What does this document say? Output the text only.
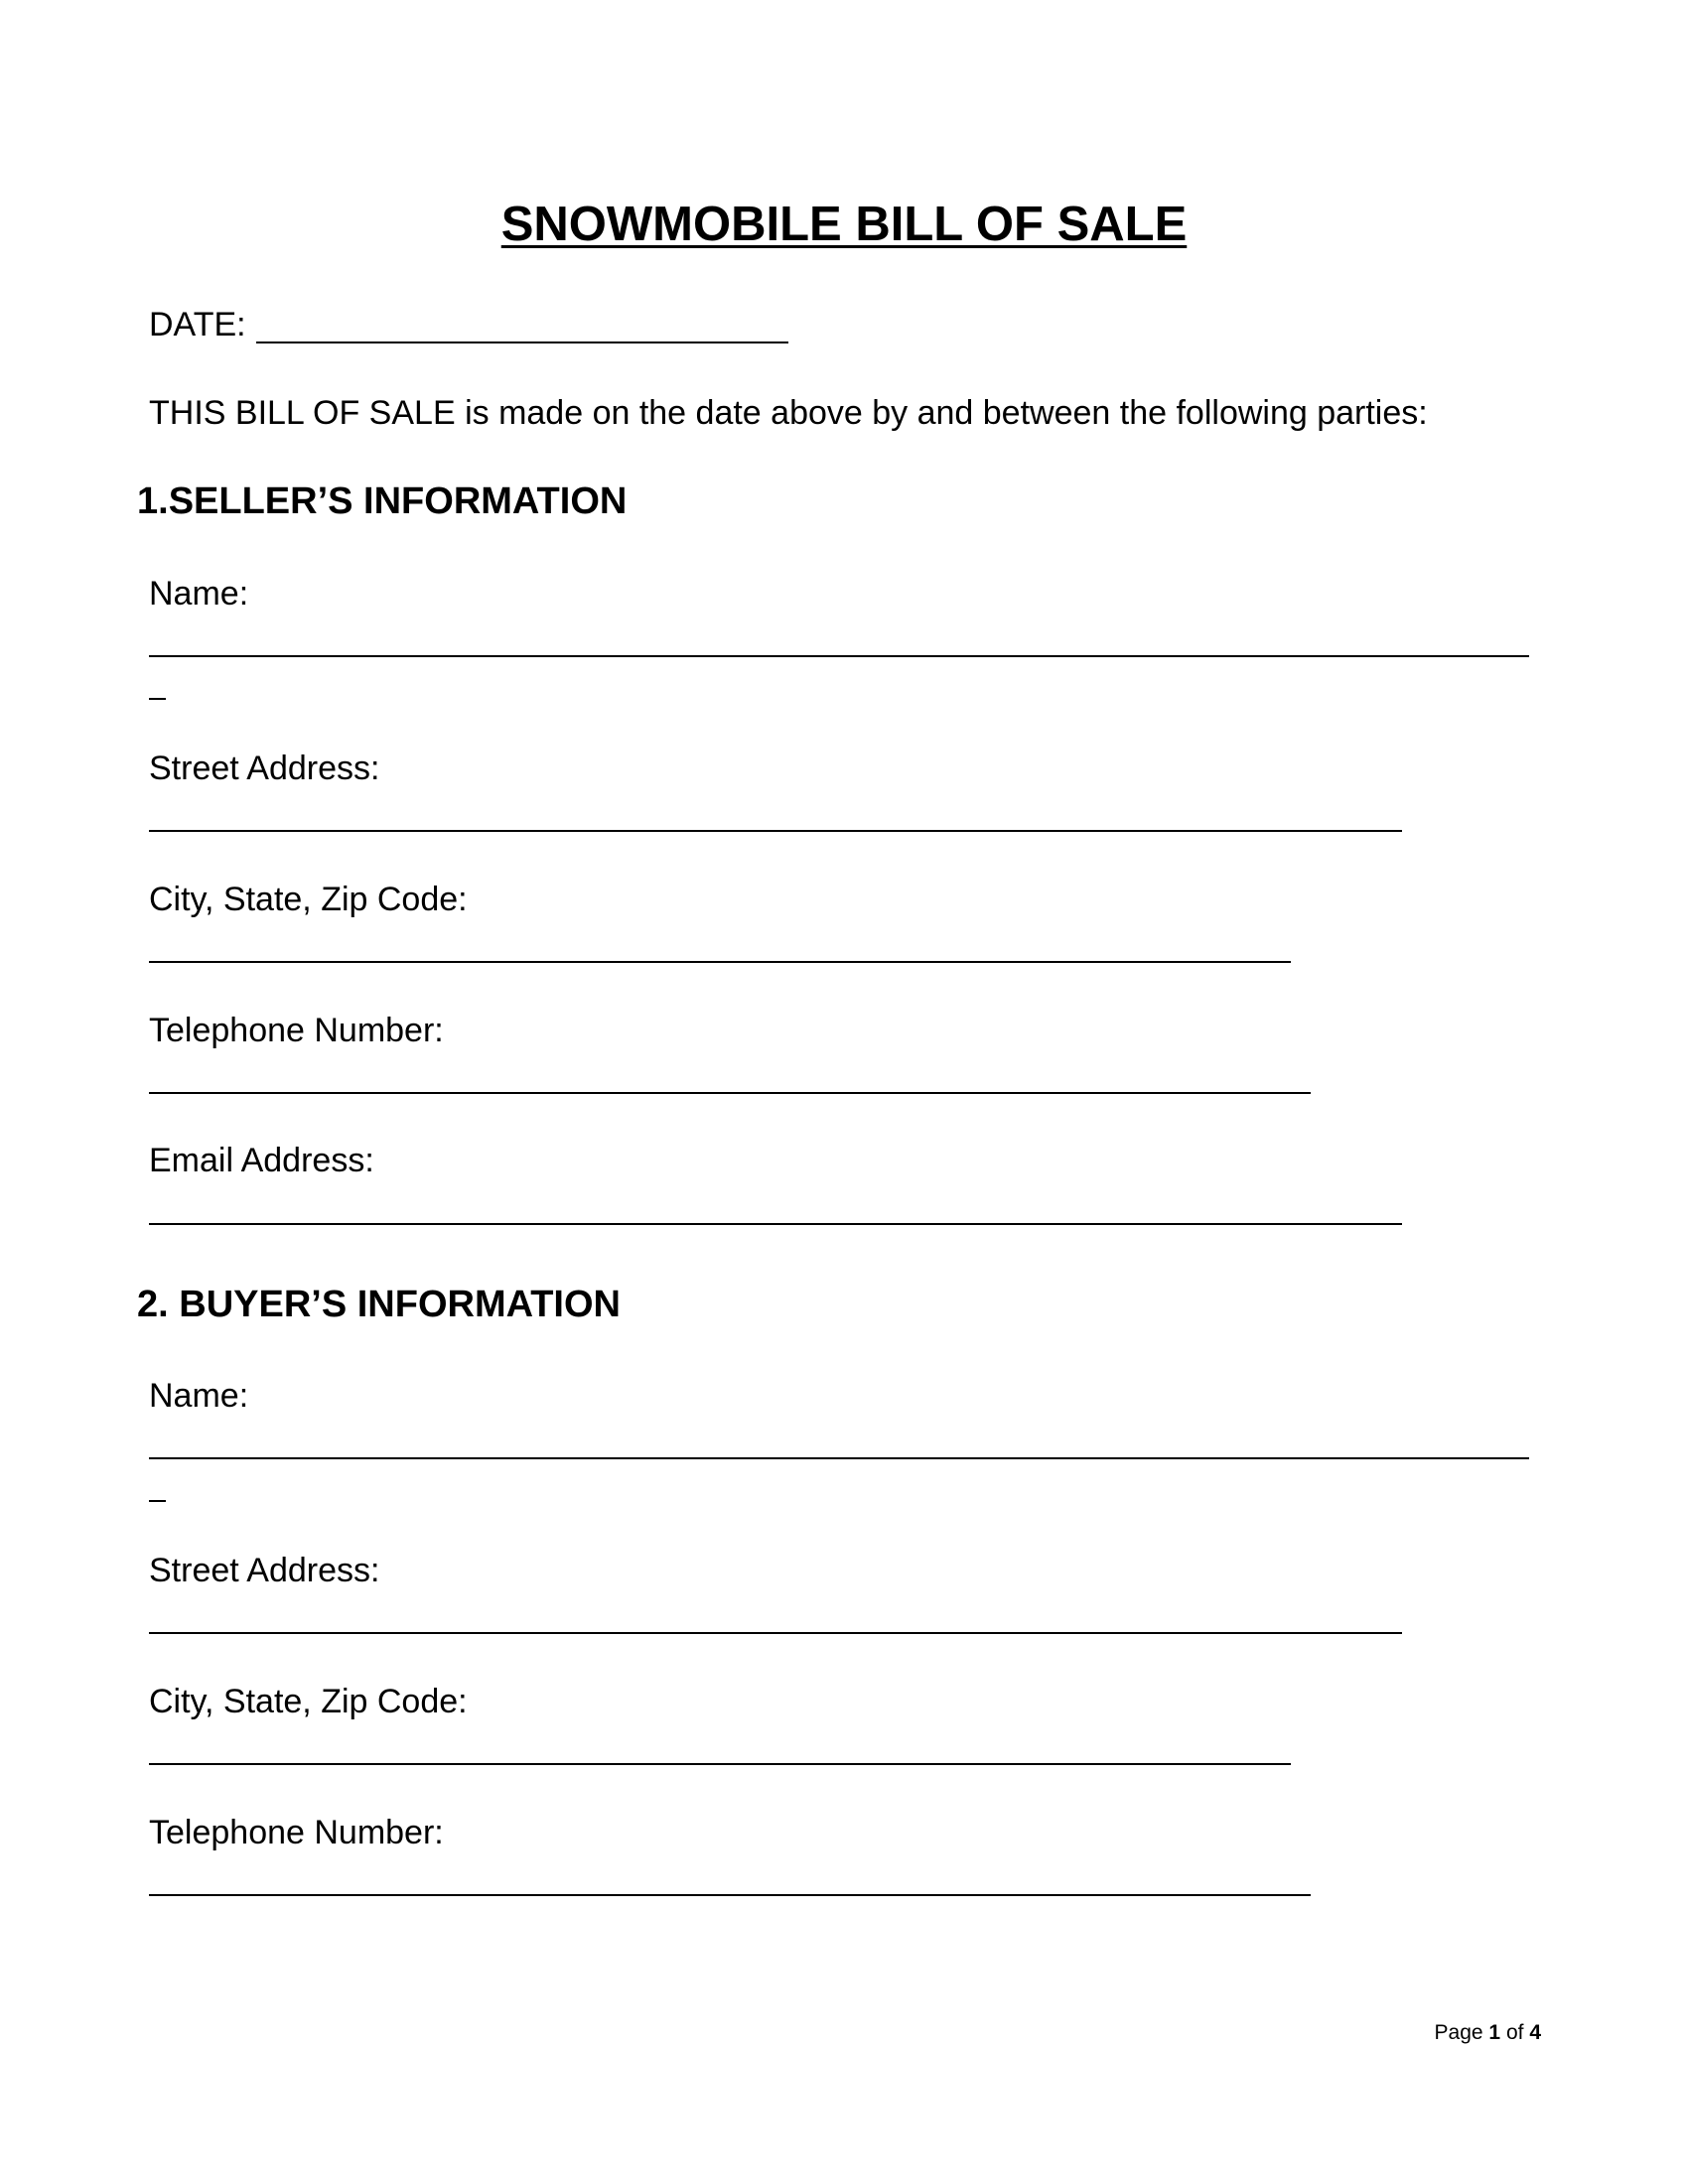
SNOWMOBILE BILL OF SALE
DATE:
THIS BILL OF SALE is made on the date above by and between the following parties:
1.SELLER’S INFORMATION
Name:
Street Address:
City, State, Zip Code:
Telephone Number:
Email Address:
2. BUYER’S INFORMATION
Name:
Street Address:
City, State, Zip Code:
Telephone Number:
Page 1 of 4
